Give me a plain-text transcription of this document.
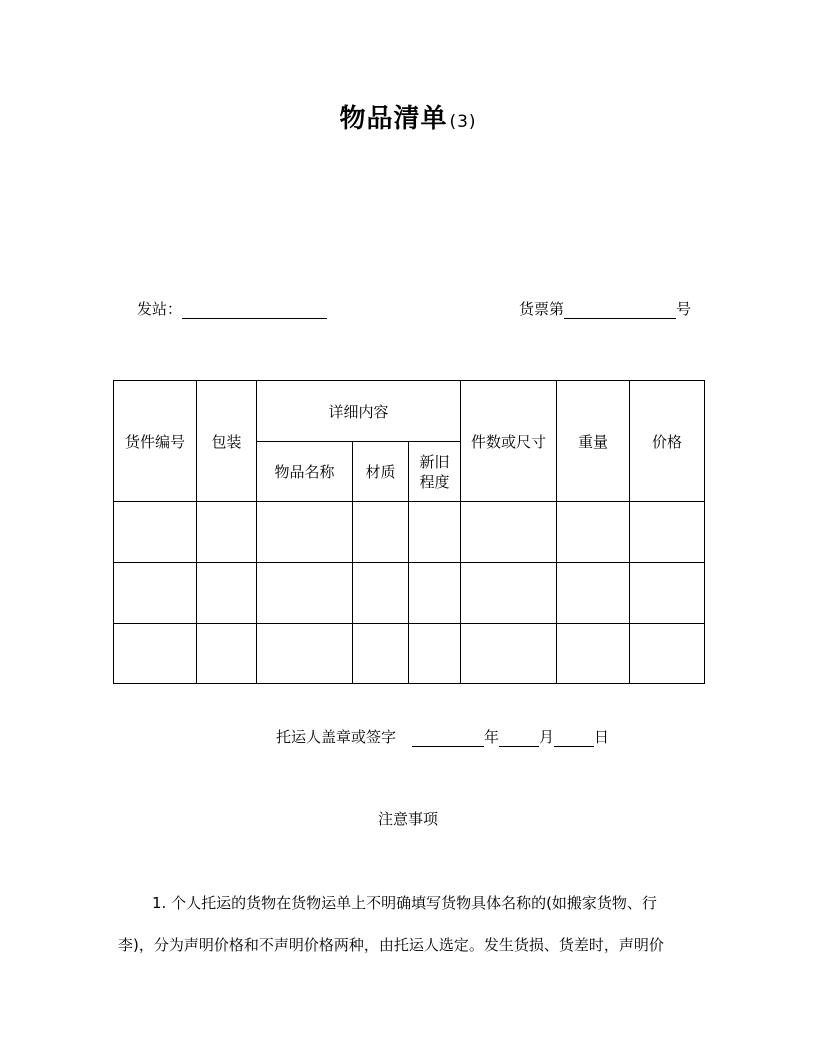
物品清单 (3)
发站：	货票第	号
货件编号	包装	详细内容			件数或尺寸	重量	价格
		物品名称	材质	新旧
程度			

托运人盖章或签字	年	月	日
注意事项
1. 个人托运的货物在货物运单上不明确填写货物具体名称的(如搬家货物、行
李)，分为声明价格和不声明价格两种，由托运人选定。发生货损、货差时，声明价
